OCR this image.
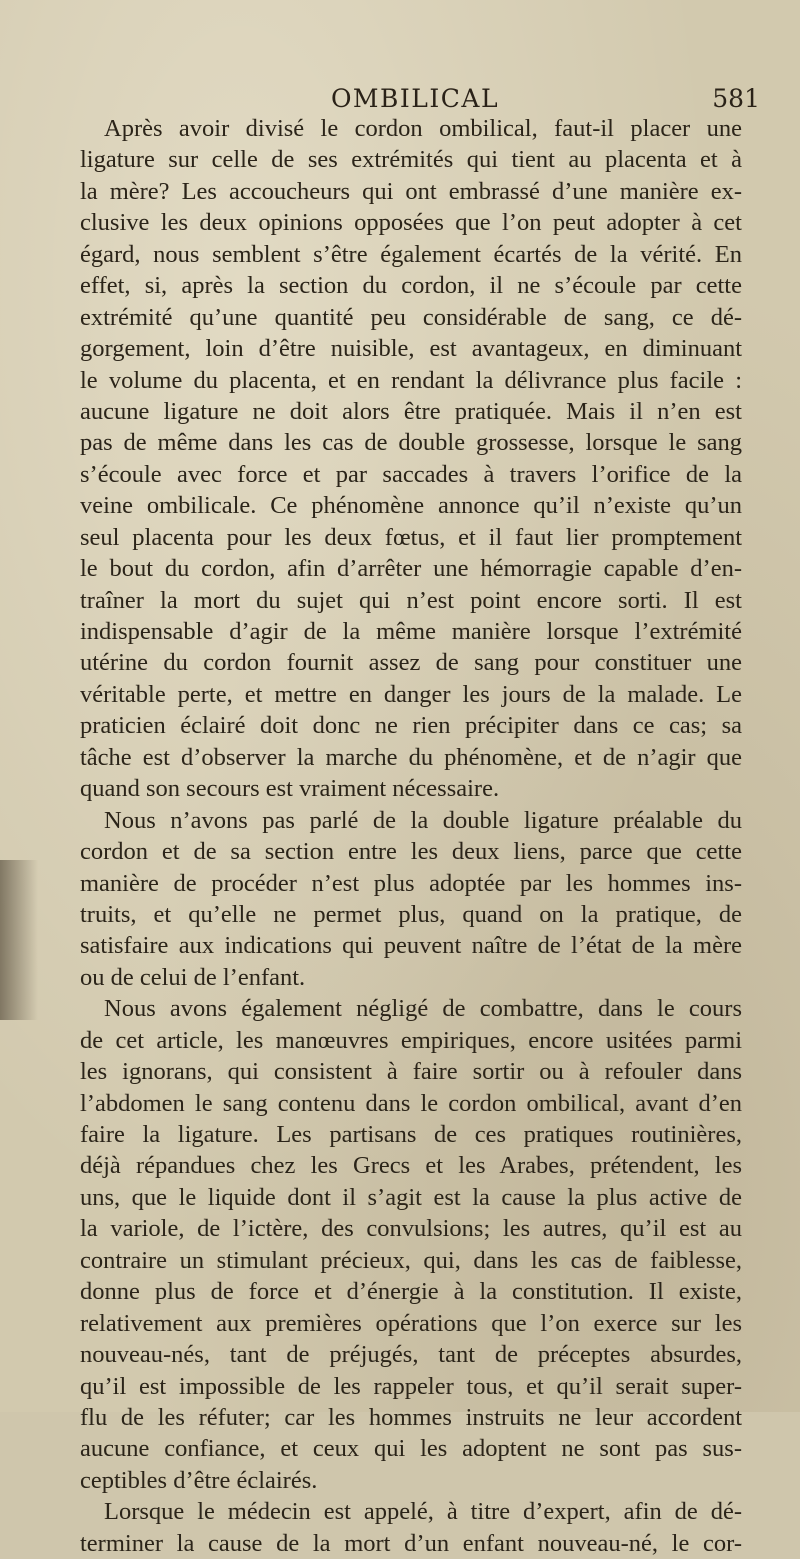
OMBILICAL	581
Après avoir divisé le cordon ombilical, faut-il placer une
ligature sur celle de ses extrémités qui tient au placenta et à
la mère? Les accoucheurs qui ont embrassé d’une manière ex-
clusive les deux opinions opposées que l’on peut adopter à cet
égard, nous semblent s’être également écartés de la vérité. En
effet, si, après la section du cordon, il ne s’écoule par cette
extrémité qu’une quantité peu considérable de sang, ce dé-
gorgement, loin d’être nuisible, est avantageux, en diminuant
le volume du placenta, et en rendant la délivrance plus facile :
aucune ligature ne doit alors être pratiquée. Mais il n’en est
pas de même dans les cas de double grossesse, lorsque le sang
s’écoule avec force et par saccades à travers l’orifice de la
veine ombilicale. Ce phénomène annonce qu’il n’existe qu’un
seul placenta pour les deux fœtus, et il faut lier promptement
le bout du cordon, afin d’arrêter une hémorragie capable d’en-
traîner la mort du sujet qui n’est point encore sorti. Il est
indispensable d’agir de la même manière lorsque l’extrémité
utérine du cordon fournit assez de sang pour constituer une
véritable perte, et mettre en danger les jours de la malade. Le
praticien éclairé doit donc ne rien précipiter dans ce cas; sa
tâche est d’observer la marche du phénomène, et de n’agir que
quand son secours est vraiment nécessaire.
Nous n’avons pas parlé de la double ligature préalable du
cordon et de sa section entre les deux liens, parce que cette
manière de procéder n’est plus adoptée par les hommes ins-
truits, et qu’elle ne permet plus, quand on la pratique, de
satisfaire aux indications qui peuvent naître de l’état de la mère
ou de celui de l’enfant.
Nous avons également négligé de combattre, dans le cours
de cet article, les manœuvres empiriques, encore usitées parmi
les ignorans, qui consistent à faire sortir ou à refouler dans
l’abdomen le sang contenu dans le cordon ombilical, avant d’en
faire la ligature. Les partisans de ces pratiques routinières,
déjà répandues chez les Grecs et les Arabes, prétendent, les
uns, que le liquide dont il s’agit est la cause la plus active de
la variole, de l’ictère, des convulsions; les autres, qu’il est au
contraire un stimulant précieux, qui, dans les cas de faiblesse,
donne plus de force et d’énergie à la constitution. Il existe,
relativement aux premières opérations que l’on exerce sur les
nouveau-nés, tant de préjugés, tant de préceptes absurdes,
qu’il est impossible de les rappeler tous, et qu’il serait super-
flu de les réfuter; car les hommes instruits ne leur accordent
aucune confiance, et ceux qui les adoptent ne sont pas sus-
ceptibles d’être éclairés.
Lorsque le médecin est appelé, à titre d’expert, afin de dé-
terminer la cause de la mort d’un enfant nouveau-né, le cor-
